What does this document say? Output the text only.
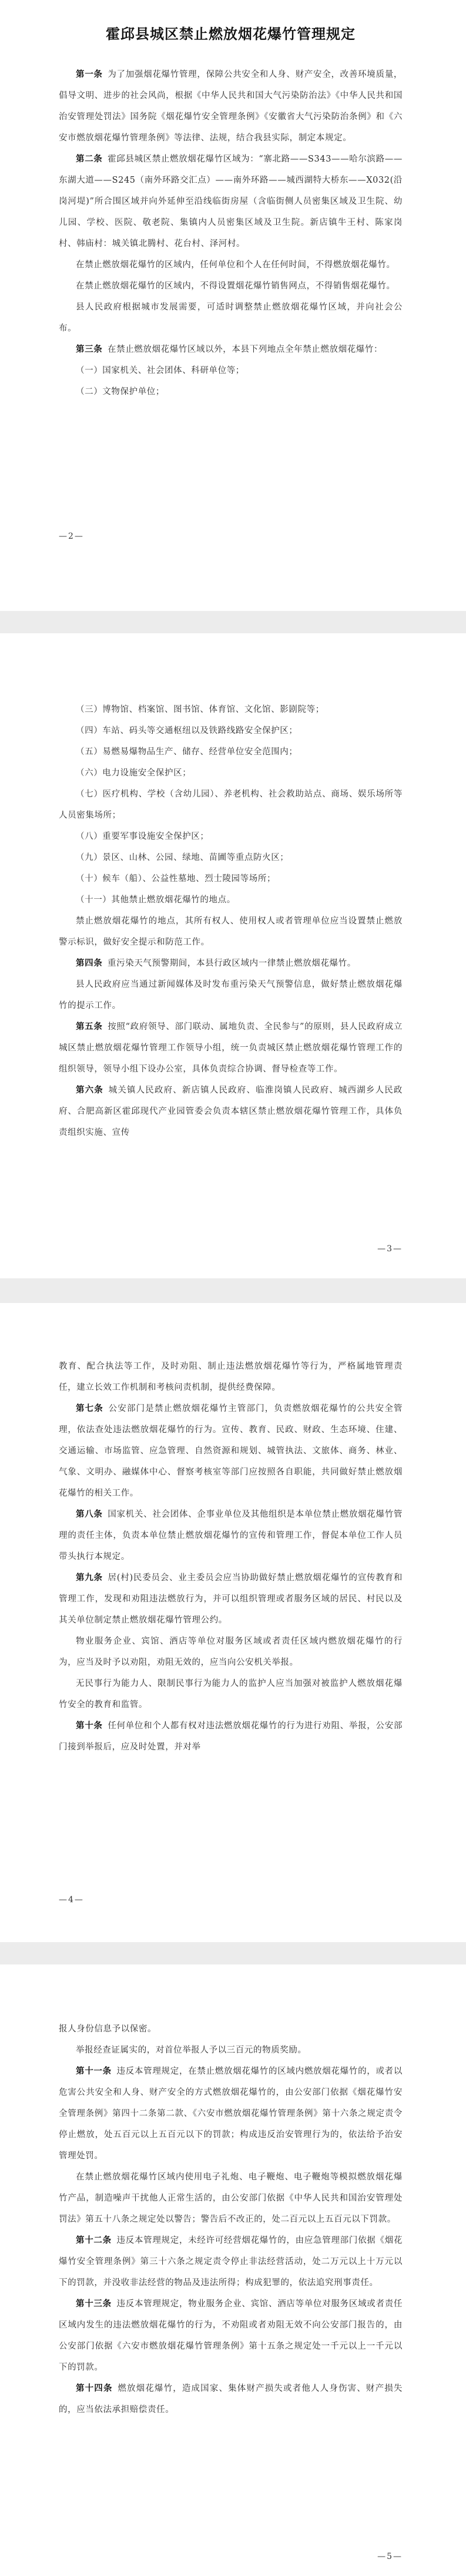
霍邱县城区禁止燃放烟花爆竹管理规定

第一条 为了加强烟花爆竹管理，保障公共安全和人身、财产安全，改善环境质量，倡导文明、进步的社会风尚，根据《中华人民共和国大气污染防治法》《中华人民共和国治安管理处罚法》国务院《烟花爆竹安全管理条例》《安徽省大气污染防治条例》和《六安市燃放烟花爆竹管理条例》等法律、法规，结合我县实际，制定本规定。

第二条 霍邱县城区禁止燃放烟花爆竹区域为：“寨北路——S343——哈尔滨路——东湖大道——S245（南外环路交汇点）——南外环路——城西湖特大桥东——X032(沿岗河堤)”所合围区域并向外延伸至沿线临街房屋（含临街侧人员密集区域及卫生院、幼儿园、学校、医院、敬老院、集镇内人员密集区域及卫生院。新店镇牛王村、陈家岗村、韩庙村：城关镇北腾村、花台村、泽河村。

在禁止燃放烟花爆竹的区域内，任何单位和个人在任何时间，不得燃放烟花爆竹。

在禁止燃放烟花爆竹的区域内，不得设置烟花爆竹销售网点，不得销售烟花爆竹。

县人民政府根据城市发展需要，可适时调整禁止燃放烟花爆竹区域，并向社会公布。

第三条 在禁止燃放烟花爆竹区域以外，本县下列地点全年禁止燃放烟花爆竹：

（一）国家机关、社会团体、科研单位等；

（二）文物保护单位；

—2—

（三）博物馆、档案馆、图书馆、体育馆、文化馆、影剧院等；

（四）车站、码头等交通枢纽以及铁路线路安全保护区；

（五）易燃易爆物品生产、储存、经营单位安全范围内；

（六）电力设施安全保护区；

（七）医疗机构、学校（含幼儿园）、养老机构、社会救助站点、商场、娱乐场所等人员密集场所；

（八）重要军事设施安全保护区；

（九）景区、山林、公园、绿地、苗圃等重点防火区；

（十）候车（船）、公益性墓地、烈士陵园等场所；

（十一）其他禁止燃放烟花爆竹的地点。

禁止燃放烟花爆竹的地点，其所有权人、使用权人或者管理单位应当设置禁止燃放警示标识，做好安全提示和防范工作。

第四条 重污染天气预警期间，本县行政区域内一律禁止燃放烟花爆竹。

县人民政府应当通过新闻媒体及时发布重污染天气预警信息，做好禁止燃放烟花爆竹的提示工作。

第五条 按照“政府领导、部门联动、属地负责、全民参与”的原则，县人民政府成立城区禁止燃放烟花爆竹管理工作领导小组，统一负责城区禁止燃放烟花爆竹管理工作的组织领导，领导小组下设办公室，具体负责综合协调、督导检查等工作。

第六条 城关镇人民政府、新店镇人民政府、临淮岗镇人民政府、城西湖乡人民政府、合肥高新区霍邱现代产业园管委会负责本辖区禁止燃放烟花爆竹管理工作，具体负责组织实施、宣传

—3—

教育、配合执法等工作，及时劝阻、制止违法燃放烟花爆竹等行为，严格属地管理责任，建立长效工作机制和考核问责机制，提供经费保障。

第七条 公安部门是禁止燃放烟花爆竹主管部门，负责燃放烟花爆竹的公共安全管理，依法查处违法燃放烟花爆竹的行为。宣传、教育、民政、财政、生态环境、住建、交通运输、市场监管、应急管理、自然资源和规划、城管执法、文旅体、商务、林业、气象、文明办、融媒体中心、督察考核室等部门应按照各自职能，共同做好禁止燃放烟花爆竹的相关工作。

第八条 国家机关、社会团体、企事业单位及其他组织是本单位禁止燃放烟花爆竹管理的责任主体，负责本单位禁止燃放烟花爆竹的宣传和管理工作，督促本单位工作人员带头执行本规定。

第九条 居(村)民委员会、业主委员会应当协助做好禁止燃放烟花爆竹的宣传教育和管理工作，发现和劝阻违法燃放行为，并可以组织管理或者服务区域的居民、村民以及其关单位制定禁止燃放烟花爆竹管理公约。

物业服务企业、宾馆、酒店等单位对服务区域或者责任区域内燃放烟花爆竹的行为，应当及时予以劝阻，劝阻无效的，应当向公安机关举报。

无民事行为能力人、限制民事行为能力人的监护人应当加强对被监护人燃放烟花爆竹安全的教育和监管。

第十条 任何单位和个人都有权对违法燃放烟花爆竹的行为进行劝阻、举报，公安部门接到举报后，应及时处置，并对举

—4—

报人身份信息予以保密。

举报经查证属实的，对首位举报人予以三百元的物质奖励。

第十一条 违反本管理规定，在禁止燃放烟花爆竹的区域内燃放烟花爆竹的，或者以危害公共安全和人身、财产安全的方式燃放烟花爆竹的，由公安部门依据《烟花爆竹安全管理条例》第四十二条第二款、《六安市燃放烟花爆竹管理条例》第十六条之规定责令停止燃放，处五百元以上五百元以下的罚款；构成违反治安管理行为的，依法给予治安管理处罚。

在禁止燃放烟花爆竹区域内使用电子礼炮、电子鞭炮、电子鞭炮等模拟燃放烟花爆竹产品，制造噪声干扰他人正常生活的，由公安部门依据《中华人民共和国治安管理处罚法》第五十八条之规定处以警告；警告后不改正的，处二百元以上五百元以下罚款。

第十二条 违反本管理规定，未经许可经营烟花爆竹的，由应急管理部门依据《烟花爆竹安全管理条例》第三十六条之规定责令停止非法经营活动，处二万元以上十万元以下的罚款，并没收非法经营的物品及违法所得；构成犯罪的，依法追究刑事责任。

第十三条 违反本管理规定，物业服务企业、宾馆、酒店等单位对服务区域或者责任区域内发生的违法燃放烟花爆竹的行为，不劝阻或者劝阻无效不向公安部门报告的，由公安部门依据《六安市燃放烟花爆竹管理条例》第十五条之规定处一千元以上一千元以下的罚款。

第十四条 燃放烟花爆竹，造成国家、集体财产损失或者他人人身伤害、财产损失的，应当依法承担赔偿责任。

—5—
